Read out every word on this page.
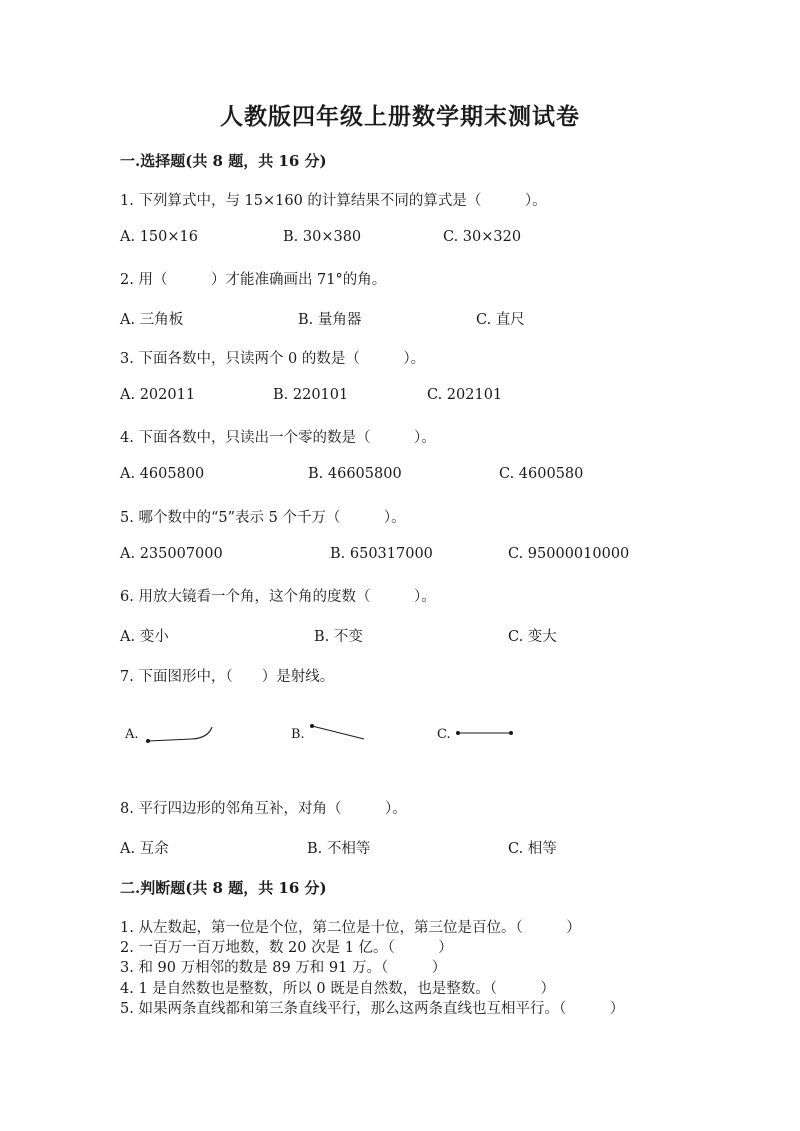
人教版四年级上册数学期末测试卷
一.选择题(共 8 题，共 16 分)
1. 下列算式中，与 15×160 的计算结果不同的算式是（　　　）。
A. 150×16	B. 30×380	C. 30×320
2. 用（　　　）才能准确画出 71°的角。
A. 三角板	B. 量角器	C. 直尺
3. 下面各数中，只读两个 0 的数是（　　　）。
A. 202011	B. 220101	C. 202101
4. 下面各数中，只读出一个零的数是（　　　）。
A. 4605800	B. 46605800	C. 4600580
5. 哪个数中的“5”表示 5 个千万（　　　）。
A. 235007000	B. 650317000	C. 95000010000
6. 用放大镜看一个角，这个角的度数（　　　）。
A. 变小	B. 不变	C. 变大
7. 下面图形中，（　　）是射线。
A.	B.	C.
8. 平行四边形的邻角互补，对角（　　　）。
A. 互余	B. 不相等	C. 相等
二.判断题(共 8 题，共 16 分)
1. 从左数起，第一位是个位，第二位是十位，第三位是百位。（　　　）
2. 一百万一百万地数，数 20 次是 1 亿。（　　　）
3. 和 90 万相邻的数是 89 万和 91 万。（　　　）
4. 1 是自然数也是整数，所以 0 既是自然数，也是整数。（　　　）
5. 如果两条直线都和第三条直线平行，那么这两条直线也互相平行。（　　　）
